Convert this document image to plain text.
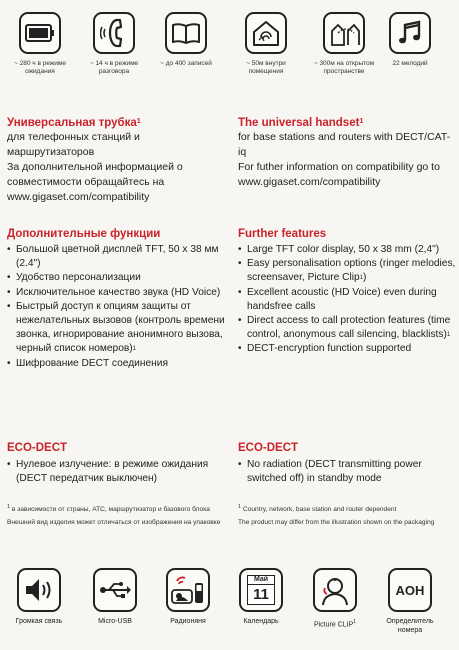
~ 280 ч в режиме ожидания
~ 14 ч в режиме разговора
~ до 400 записей	~ 50м внутри помещения
~ 300м на открытом пространстве
22 мелодий
Универсальная трубка$^1$
для телефонных станций и маршрутизаторов
За дополнительной информацией о совместимости обращайтесь на
www.gigaset.com/compatibility
Дополнительные функции
• Большой цветной дисплей TFT, 50 x 38 мм (2.4")
• Удобство персонализации
• Исключительное качество звука (HD Voice)
• Быстрый доступ к опциям защиты от нежелательных вызовов (контроль времени звонка, игнорирование анонимного вызова, черный список номеров)$^1$
• Шифрование DECT соединения
ECO-DECT
• Нулевое излучение: в режиме ожидания (DECT передатчик выключен)
$^1$ в зависимости от страны, АТС, маршрутизатор и базового блока
Внешний вид изделия может отличаться от изображения на упаковке
The universal handset$^1$
for base stations and routers with DECT/CAT-iq
For futher information on compatibility go to
www.gigaset.com/compatibility
Further features
• Large TFT color display, 50 x 38 mm (2,4")
• Easy personalisation options (ringer melodies, screensaver, Picture Clip$^1$)
• Excellent acoustic (HD Voice) even during handsfree calls
• Direct access to call protection features (time control, anonymous call silencing, blacklists)$^1$
• DECT-encryption function supported
ECO-DECT
• No radiation (DECT transmitting power switched off) in standby mode
$^1$ Country, network, base station and router dependent
The product may differ from the illustration shown on the packaging
Громкая связь	Micro-USB	Радионяня
Май
11
Календарь	Picture CLIP$^1$
AOH
Определитель номера
